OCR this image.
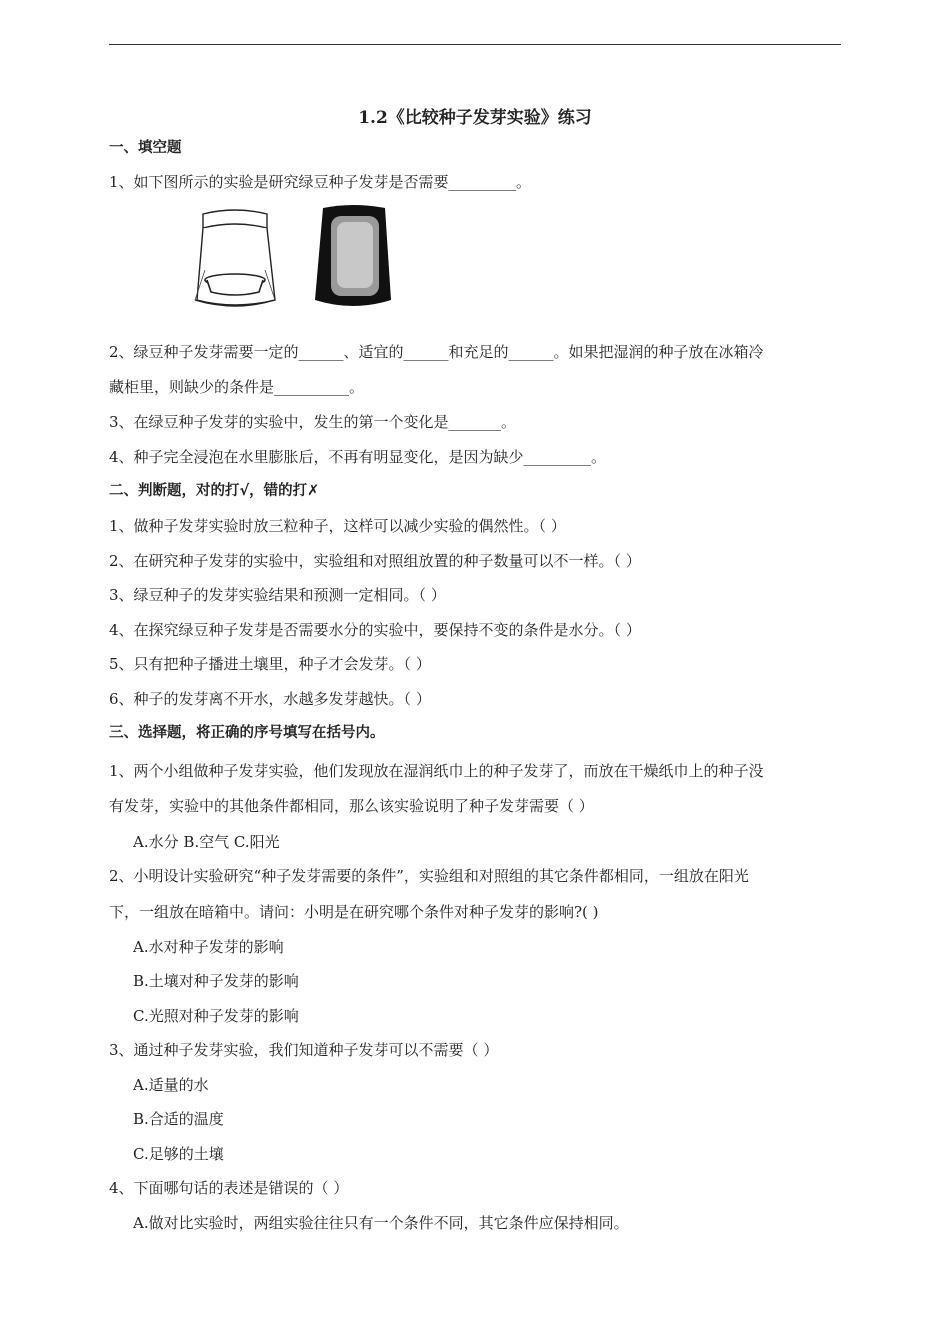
1.2《比较种子发芽实验》练习
一、填空题
1、如下图所示的实验是研究绿豆种子发芽是否需要_________。
2、绿豆种子发芽需要一定的______、适宜的______和充足的______。如果把湿润的种子放在冰箱冷
藏柜里，则缺少的条件是__________。
3、在绿豆种子发芽的实验中，发生的第一个变化是_______。
4、种子完全浸泡在水里膨胀后，不再有明显变化，是因为缺少_________。
二、判断题，对的打√，错的打✗
1、做种子发芽实验时放三粒种子，这样可以减少实验的偶然性。（ ）
2、在研究种子发芽的实验中，实验组和对照组放置的种子数量可以不一样。（ ）
3、绿豆种子的发芽实验结果和预测一定相同。（ ）
4、在探究绿豆种子发芽是否需要水分的实验中，要保持不变的条件是水分。（ ）
5、只有把种子播进土壤里，种子才会发芽。（ ）
6、种子的发芽离不开水，水越多发芽越快。（ ）
三、选择题，将正确的序号填写在括号内。
1、两个小组做种子发芽实验，他们发现放在湿润纸巾上的种子发芽了，而放在干燥纸巾上的种子没
有发芽，实验中的其他条件都相同，那么该实验说明了种子发芽需要（ ）
A.水分 B.空气 C.阳光
2、小明设计实验研究“种子发芽需要的条件”，实验组和对照组的其它条件都相同，一组放在阳光
下，一组放在暗箱中。请问：小明是在研究哪个条件对种子发芽的影响?( )
A.水对种子发芽的影响
B.土壤对种子发芽的影响
C.光照对种子发芽的影响
3、通过种子发芽实验，我们知道种子发芽可以不需要（ ）
A.适量的水
B.合适的温度
C.足够的土壤
4、下面哪句话的表述是错误的（ ）
A.做对比实验时，两组实验往往只有一个条件不同，其它条件应保持相同。
